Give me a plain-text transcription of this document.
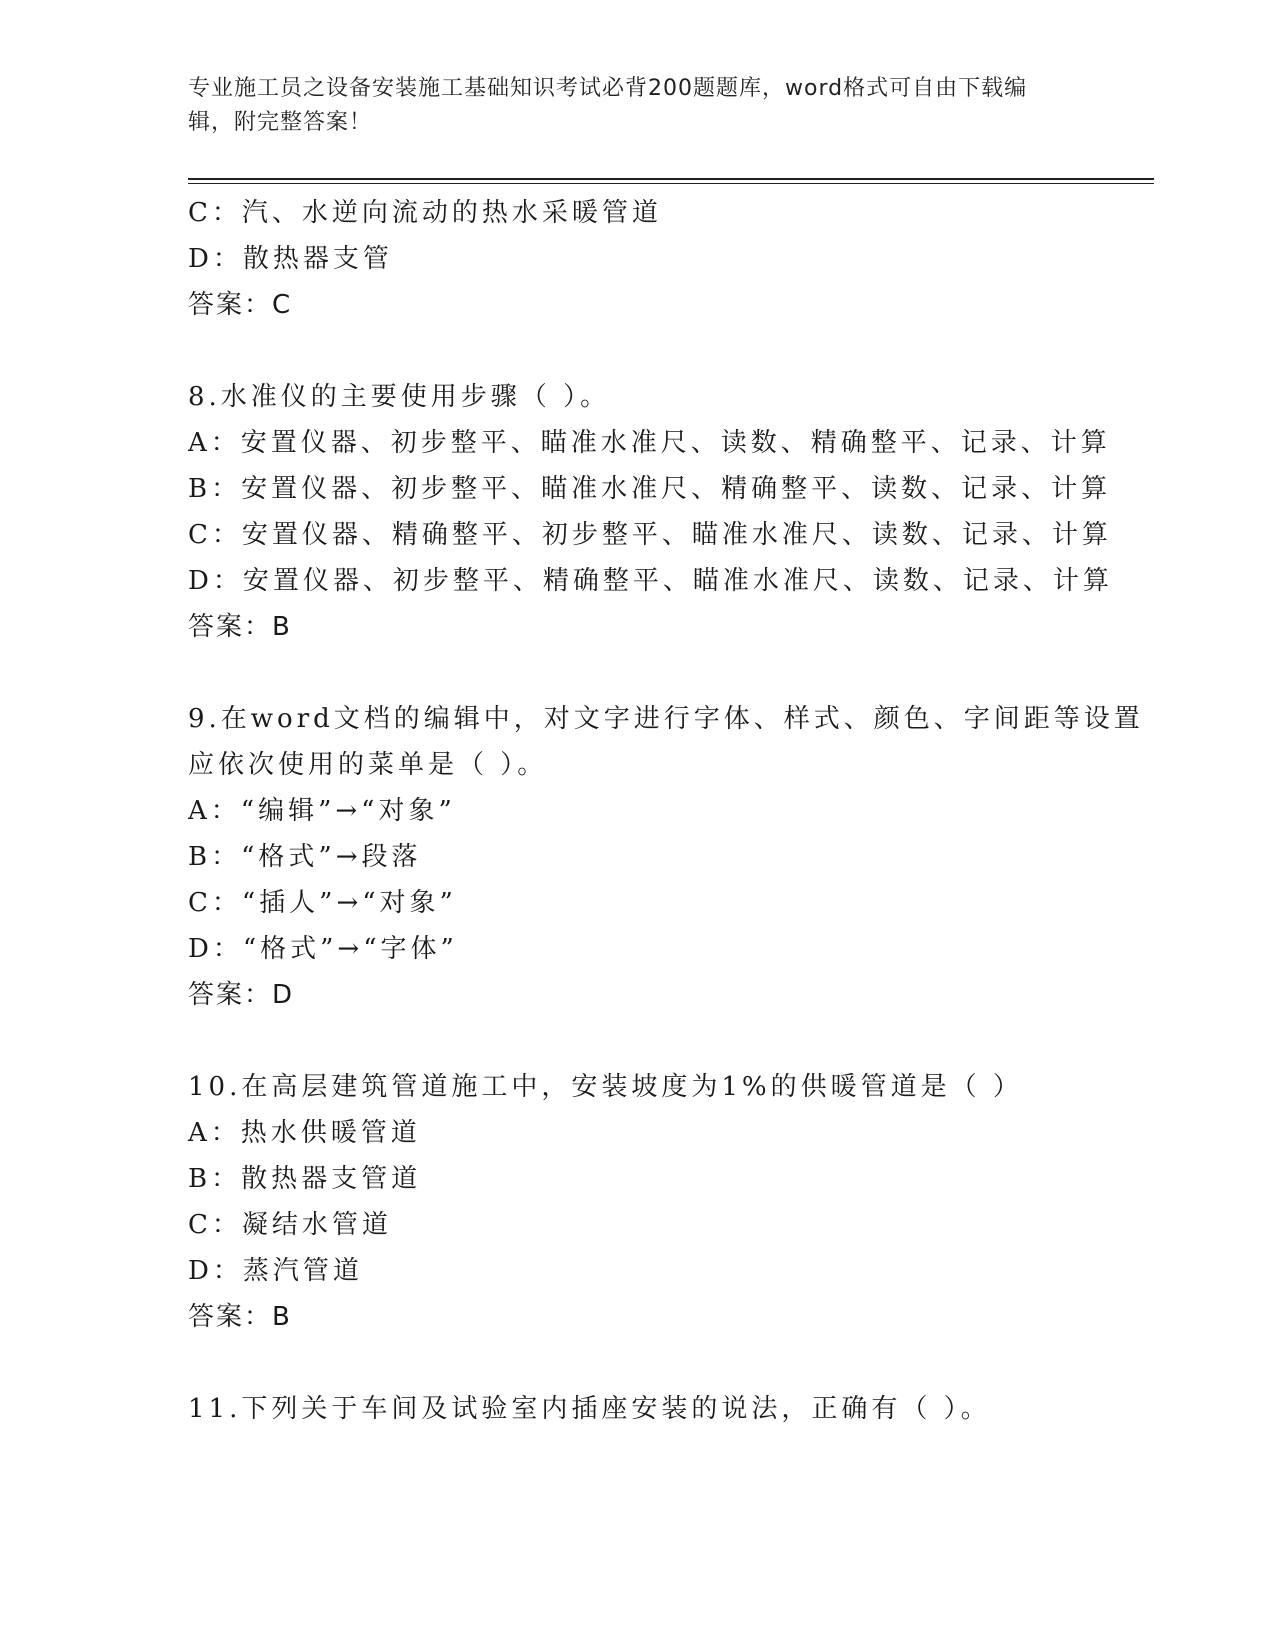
专业施工员之设备安装施工基础知识考试必背200题题库，word格式可自由下载编辑，附完整答案！
C：汽、水逆向流动的热水采暖管道
D：散热器支管
答案：C
8.水准仪的主要使用步骤（ ）。
A：安置仪器、初步整平、瞄准水准尺、读数、精确整平、记录、计算
B：安置仪器、初步整平、瞄准水准尺、精确整平、读数、记录、计算
C：安置仪器、精确整平、初步整平、瞄准水准尺、读数、记录、计算
D：安置仪器、初步整平、精确整平、瞄准水准尺、读数、记录、计算
答案：B
9.在word文档的编辑中，对文字进行字体、样式、颜色、字间距等设置应依次使用的菜单是（ ）。
A：“编辑”→“对象”
B：“格式”→段落
C：“插人”→“对象”
D：“格式”→“字体”
答案：D
10.在高层建筑管道施工中，安装坡度为1%的供暖管道是（ ）
A：热水供暖管道
B：散热器支管道
C：凝结水管道
D：蒸汽管道
答案：B
11.下列关于车间及试验室内插座安装的说法，正确有（ ）。
